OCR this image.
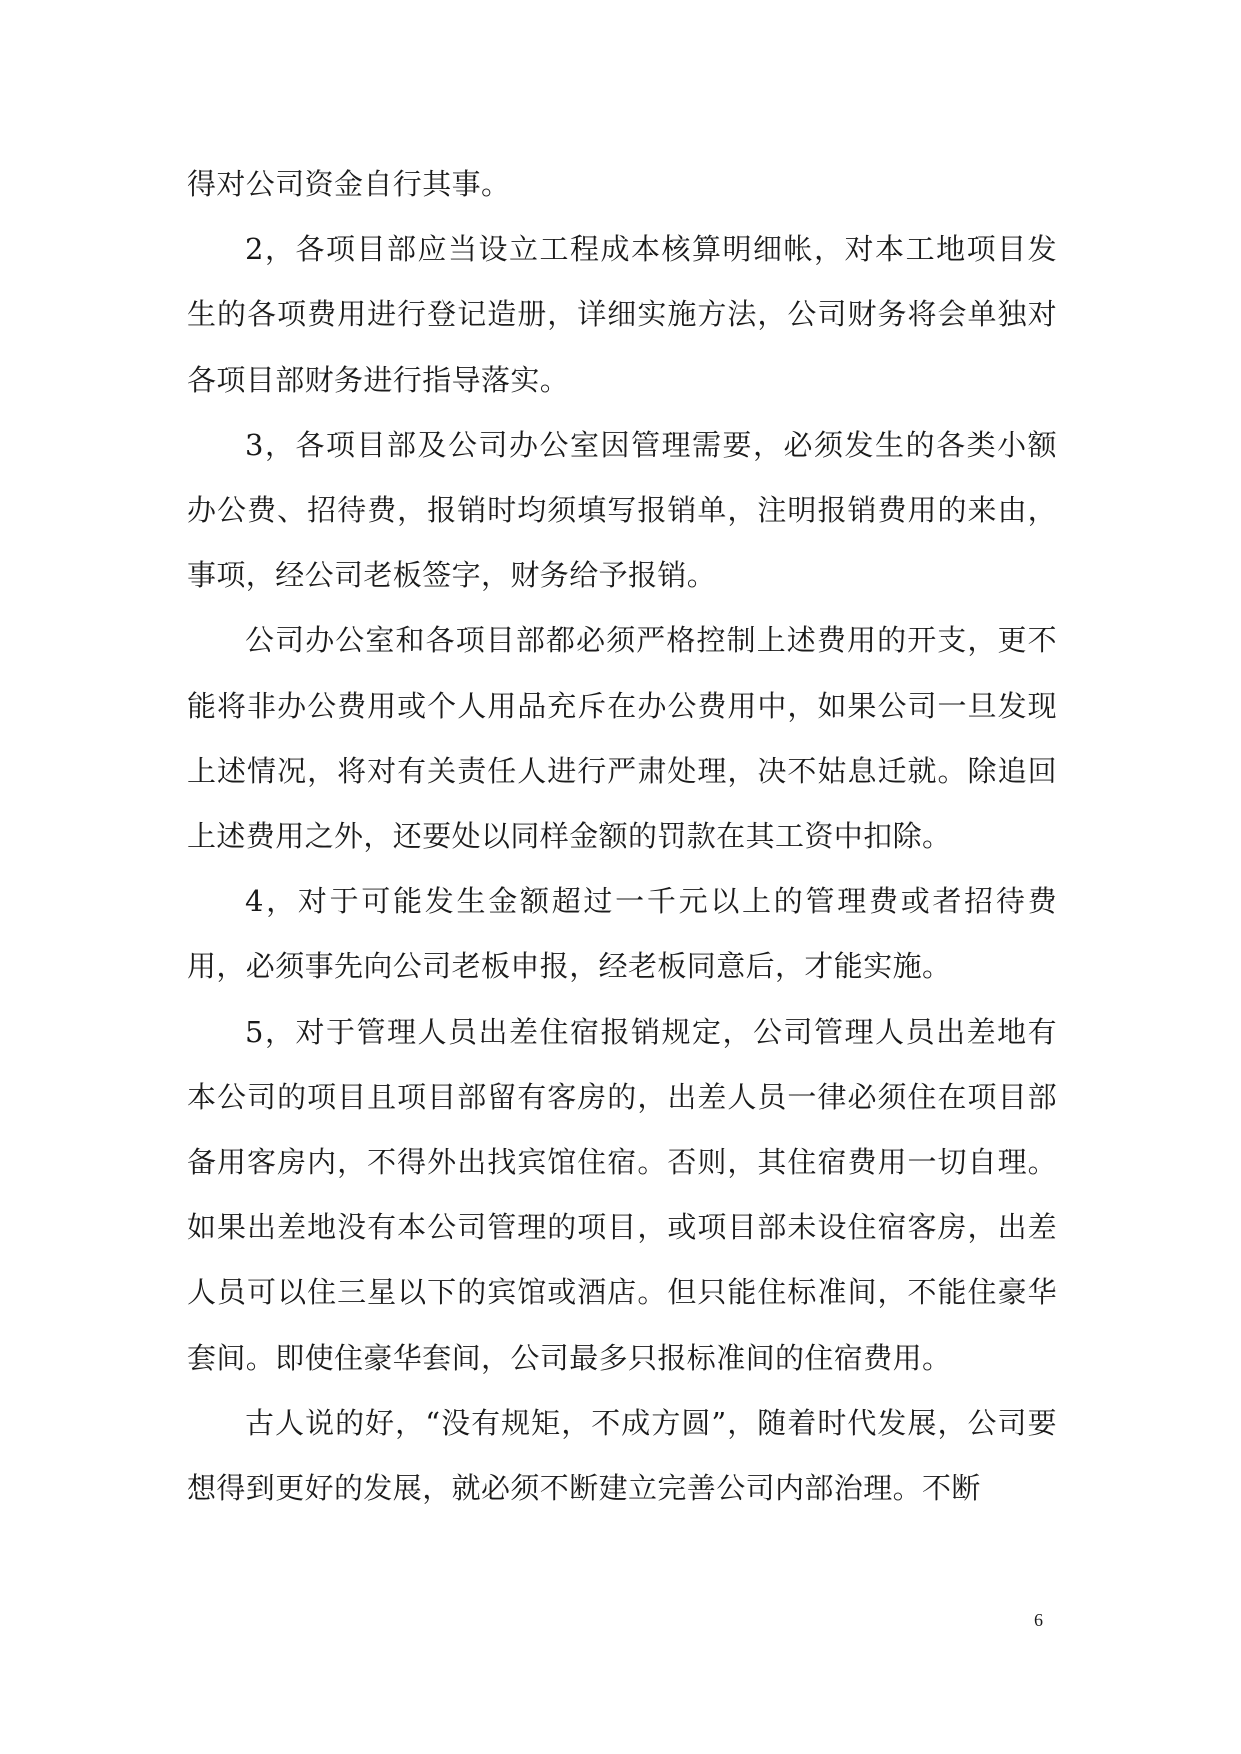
得对公司资金自行其事。

2，各项目部应当设立工程成本核算明细帐，对本工地项目发生的各项费用进行登记造册，详细实施方法，公司财务将会单独对各项目部财务进行指导落实。

3，各项目部及公司办公室因管理需要，必须发生的各类小额办公费、招待费，报销时均须填写报销单，注明报销费用的来由，事项，经公司老板签字，财务给予报销。

公司办公室和各项目部都必须严格控制上述费用的开支，更不能将非办公费用或个人用品充斥在办公费用中，如果公司一旦发现上述情况，将对有关责任人进行严肃处理，决不姑息迁就。除追回上述费用之外，还要处以同样金额的罚款在其工资中扣除。

4，对于可能发生金额超过一千元以上的管理费或者招待费用，必须事先向公司老板申报，经老板同意后，才能实施。

5，对于管理人员出差住宿报销规定，公司管理人员出差地有本公司的项目且项目部留有客房的，出差人员一律必须住在项目部备用客房内，不得外出找宾馆住宿。否则，其住宿费用一切自理。如果出差地没有本公司管理的项目，或项目部未设住宿客房，出差人员可以住三星以下的宾馆或酒店。但只能住标准间，不能住豪华套间。即使住豪华套间，公司最多只报标准间的住宿费用。

古人说的好，“没有规矩，不成方圆”，随着时代发展，公司要想得到更好的发展，就必须不断建立完善公司内部治理。不断

6
